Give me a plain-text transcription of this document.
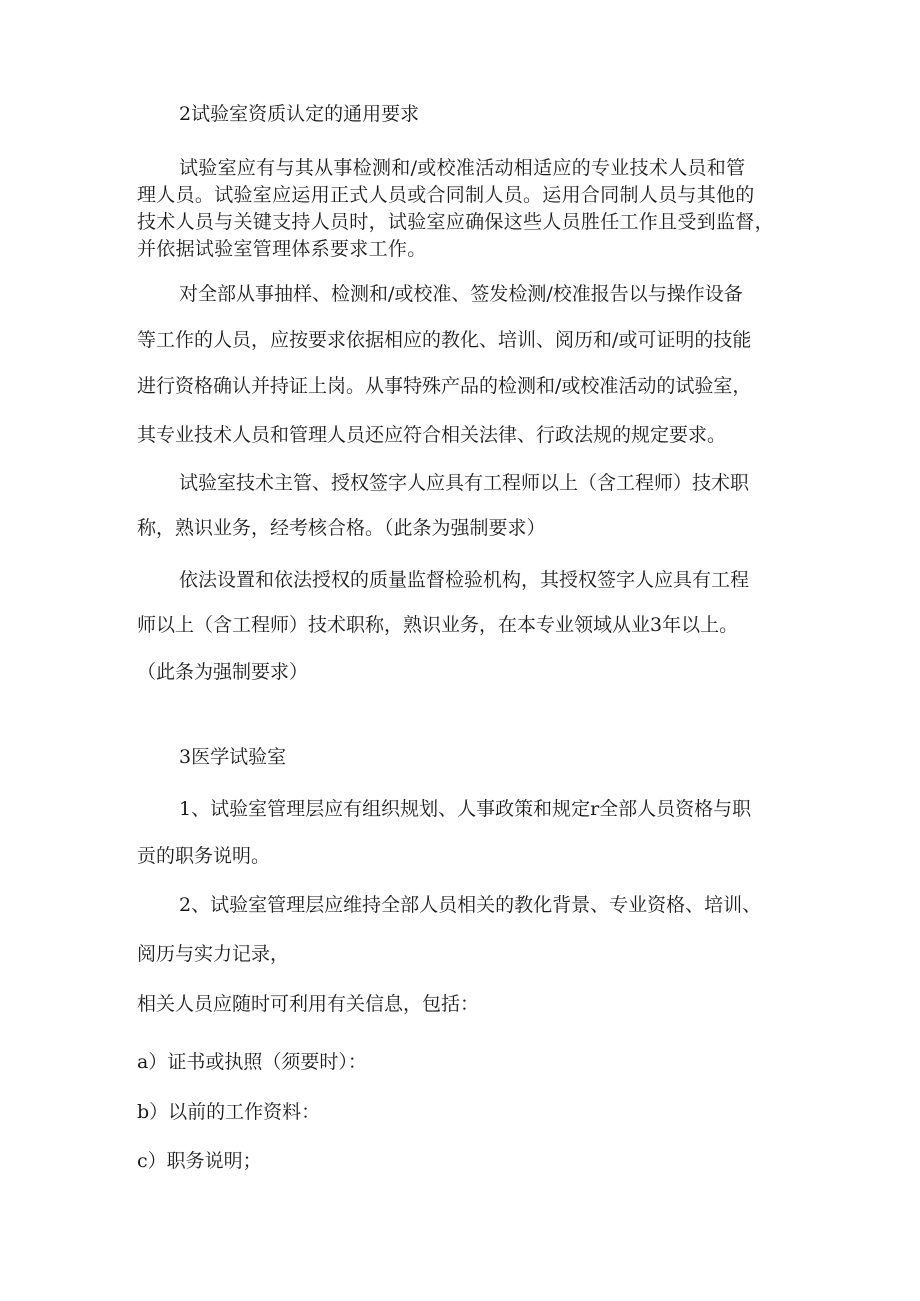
2试验室资质认定的通用要求
试验室应有与其从事检测和/或校准活动相适应的专业技术人员和管
理人员。试验室应运用正式人员或合同制人员。运用合同制人员与其他的
技术人员与关键支持人员时，试验室应确保这些人员胜任工作且受到监督，
并依据试验室管理体系要求工作。
对全部从事抽样、检测和/或校准、签发检测/校准报告以与操作设备
等工作的人员，应按要求依据相应的教化、培训、阅历和/或可证明的技能
进行资格确认并持证上岗。从事特殊产品的检测和/或校准活动的试验室，
其专业技术人员和管理人员还应符合相关法律、行政法规的规定要求。
试验室技术主管、授权签字人应具有工程师以上（含工程师）技术职
称，熟识业务，经考核合格。（此条为强制要求）
依法设置和依法授权的质量监督检验机构，其授权签字人应具有工程
师以上（含工程师）技术职称，熟识业务，在本专业领域从业3年以上。
（此条为强制要求）
3医学试验室
1、试验室管理层应有组织规划、人事政策和规定r全部人员资格与职
贡的职务说明。
2、试验室管理层应维持全部人员相关的教化背景、专业资格、培训、
阅历与实力记录，
相关人员应随时可利用有关信息，包括：
a）证书或执照（须要时）：
b）以前的工作资料：
c）职务说明；
